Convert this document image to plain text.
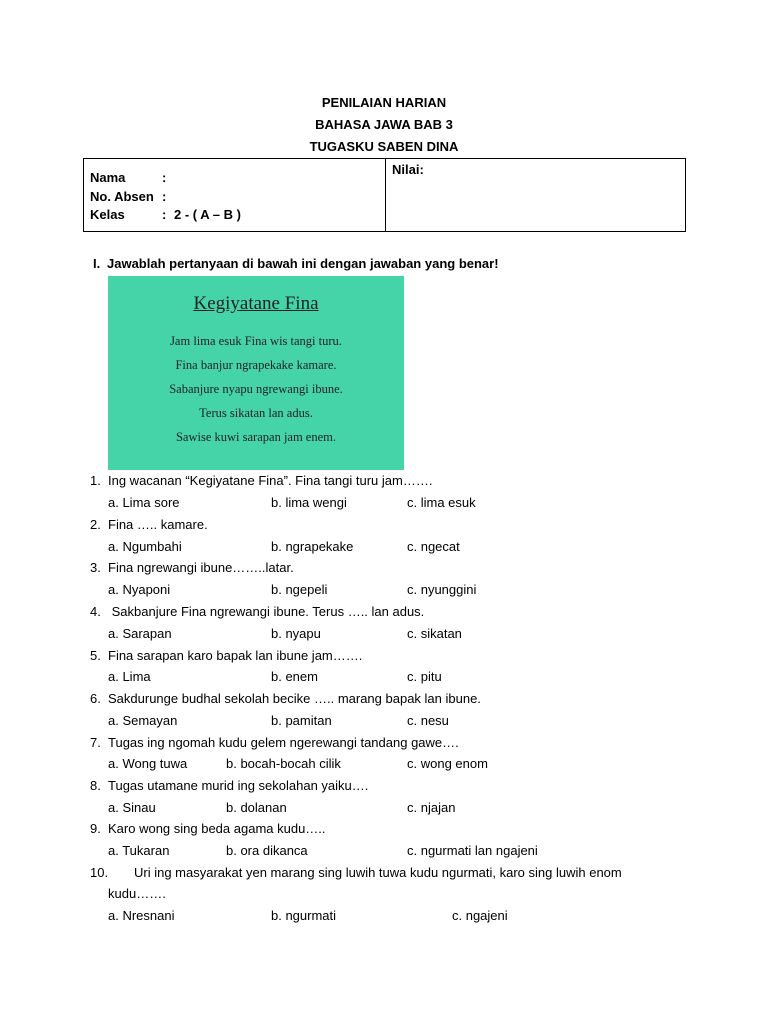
PENILAIAN HARIAN
BAHASA JAWA BAB 3
TUGASKU SABEN DINA
Nama	:
No. Absen :
Kelas	: 2 - ( A – B )
Nilai:
I. Jawablah pertanyaan di bawah ini dengan jawaban yang benar!
Kegiyatane Fina
Jam lima esuk Fina wis tangi turu.
Fina banjur ngrapekake kamare.
Sabanjure nyapu ngrewangi ibune.
Terus sikatan lan adus.
Sawise kuwi sarapan jam enem.
1. Ing wacanan “Kegiyatane Fina”. Fina tangi turu jam…….
a. Lima sore	b. lima wengi	c. lima esuk
2. Fina ….. kamare.
a. Ngumbahi	b. ngrapekake	c. ngecat
3. Fina ngrewangi ibune……..latar.
a. Nyaponi	b. ngepeli	c. nyunggini
4. Sakbanjure Fina ngrewangi ibune. Terus ….. lan adus.
a. Sarapan	b. nyapu	c. sikatan
5. Fina sarapan karo bapak lan ibune jam…….
a. Lima	b. enem	c. pitu
6. Sakdurunge budhal sekolah becike ….. marang bapak lan ibune.
a. Semayan	b. pamitan	c. nesu
7. Tugas ing ngomah kudu gelem ngerewangi tandang gawe….
a. Wong tuwa	b. bocah-bocah cilik	c. wong enom
8. Tugas utamane murid ing sekolahan yaiku….
a. Sinau	b. dolanan	c. njajan
9. Karo wong sing beda agama kudu…..
a. Tukaran	b. ora dikanca	c. ngurmati lan ngajeni
10. Uri ing masyarakat yen marang sing luwih tuwa kudu ngurmati, karo sing luwih enom
kudu…….
a. Nresnani	b. ngurmati	c. ngajeni
